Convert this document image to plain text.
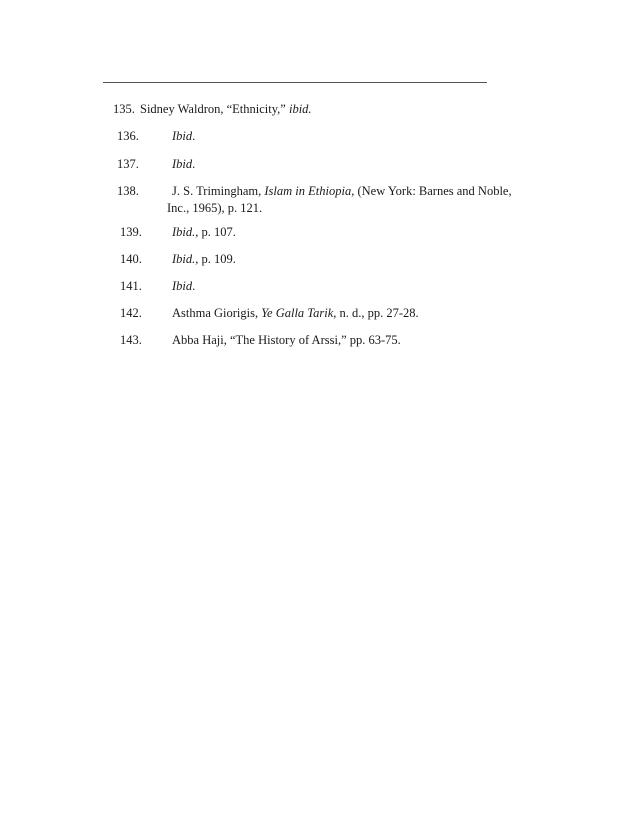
135. Sidney Waldron, “Ethnicity,” ibid.
136.	Ibid.
137.	Ibid.
138.	J. S. Trimingham, Islam in Ethiopia, (New York: Barnes and Noble,
Inc., 1965), p. 121.
139. Ibid., p. 107.
140. Ibid., p. 109.
141. Ibid.
142. Asthma Giorigis, Ye Galla Tarik, n. d., pp. 27-28.
143. Abba Haji, “The History of Arssi,” pp. 63-75.
